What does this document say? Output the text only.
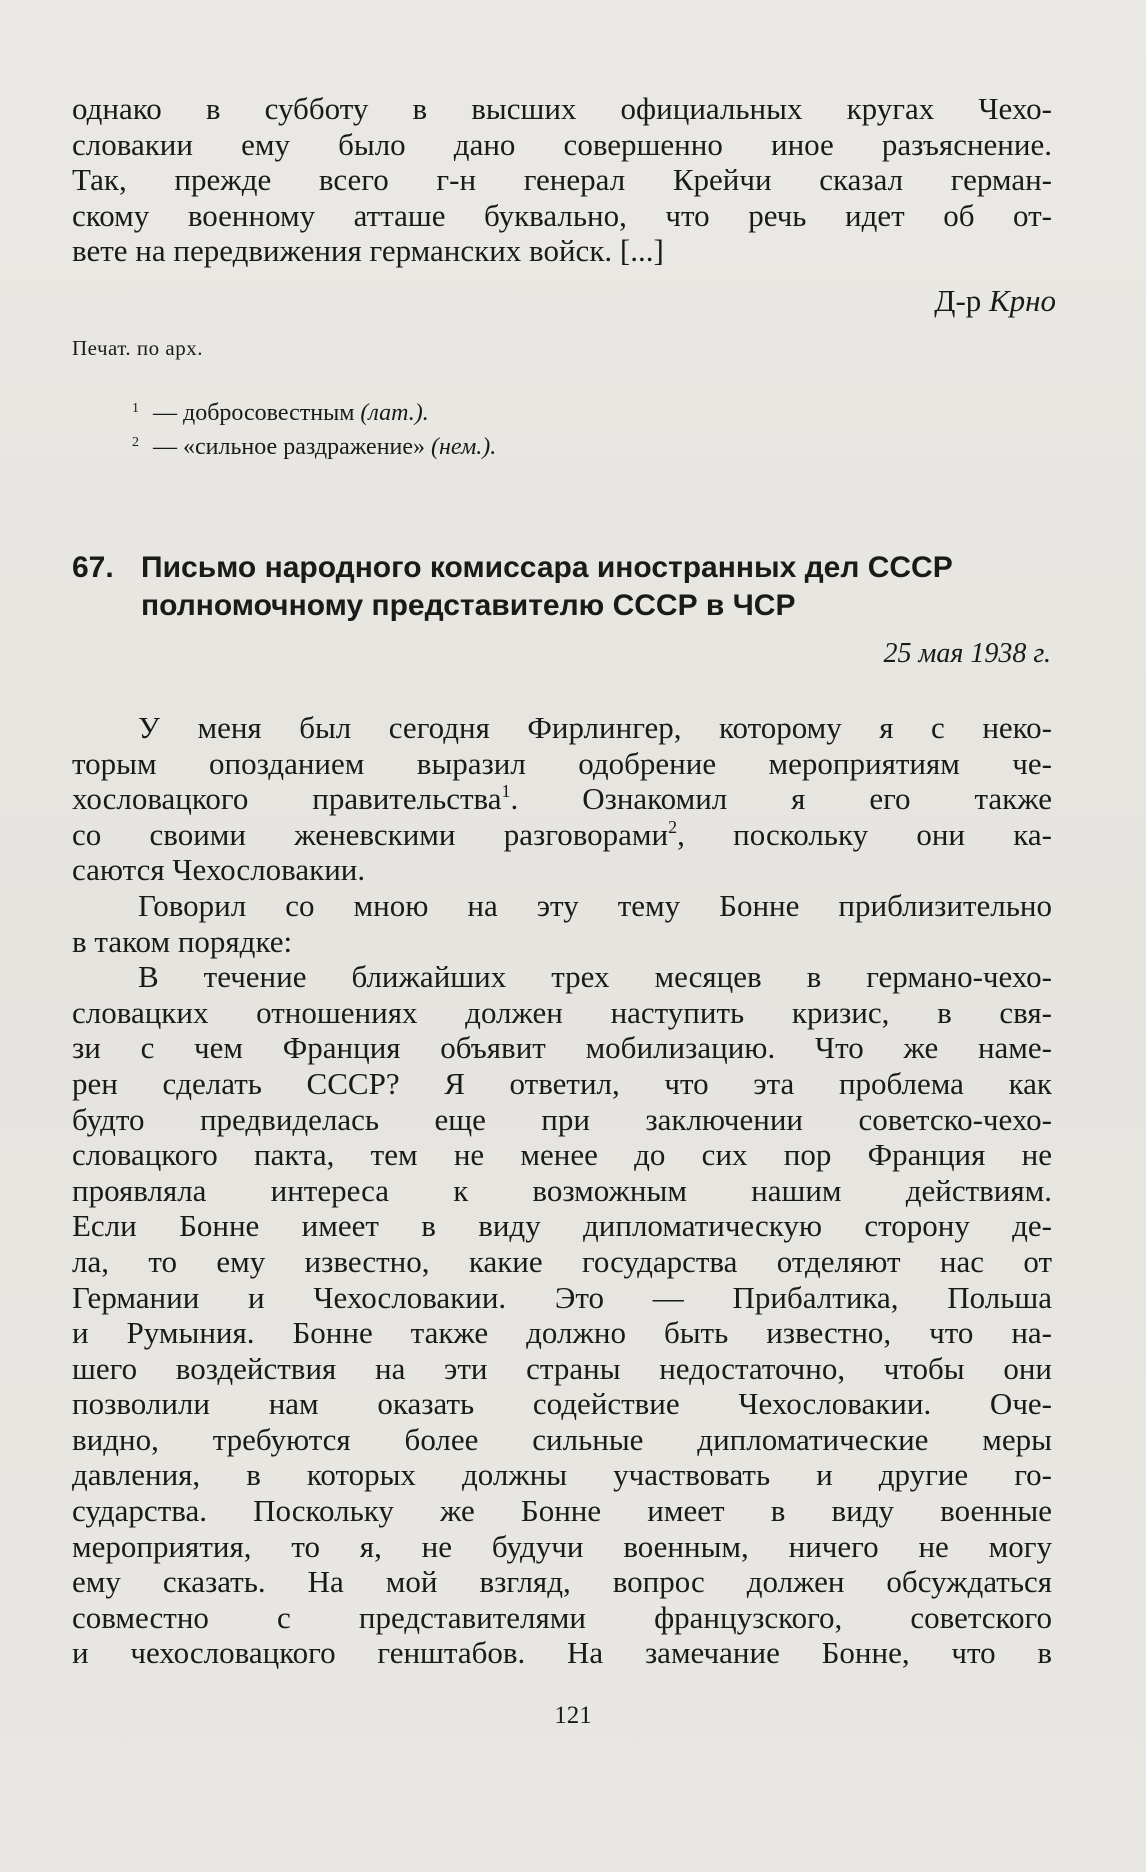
однако в субботу в высших официальных кругах Чехо-
словакии ему было дано совершенно иное разъяснение.
Так, прежде всего г-н генерал Крейчи сказал герман-
скому военному атташе буквально, что речь идет об от-
вете на передвижения германских войск. [...]
Д-р Крно
Печат. по арх.
$^1$ — добросовестным (лат.).
$^2$ — «сильное раздражение» (нем.).
67. Письмо народного комиссара иностранных дел СССР
полномочному представителю СССР в ЧСР
25 мая 1938 г.
У меня был сегодня Фирлингер, которому я с неко-
торым опозданием выразил одобрение мероприятиям че-
хословацкого правительства$^1$. Ознакомил я его также
со своими женевскими разговорами$^2$, поскольку они ка-
саются Чехословакии.
Говорил со мною на эту тему Бонне приблизительно
в таком порядке:
В течение ближайших трех месяцев в германо-чехо-
словацких отношениях должен наступить кризис, в свя-
зи с чем Франция объявит мобилизацию. Что же наме-
рен сделать СССР? Я ответил, что эта проблема как
будто предвиделась еще при заключении советско-чехо-
словацкого пакта, тем не менее до сих пор Франция не
проявляла интереса к возможным нашим действиям.
Если Бонне имеет в виду дипломатическую сторону де-
ла, то ему известно, какие государства отделяют нас от
Германии и Чехословакии. Это — Прибалтика, Польша
и Румыния. Бонне также должно быть известно, что на-
шего воздействия на эти страны недостаточно, чтобы они
позволили нам оказать содействие Чехословакии. Оче-
видно, требуются более сильные дипломатические меры
давления, в которых должны участвовать и другие го-
сударства. Поскольку же Бонне имеет в виду военные
мероприятия, то я, не будучи военным, ничего не могу
ему сказать. На мой взгляд, вопрос должен обсуждаться
совместно с представителями французского, советского
и чехословацкого генштабов. На замечание Бонне, что в
121
